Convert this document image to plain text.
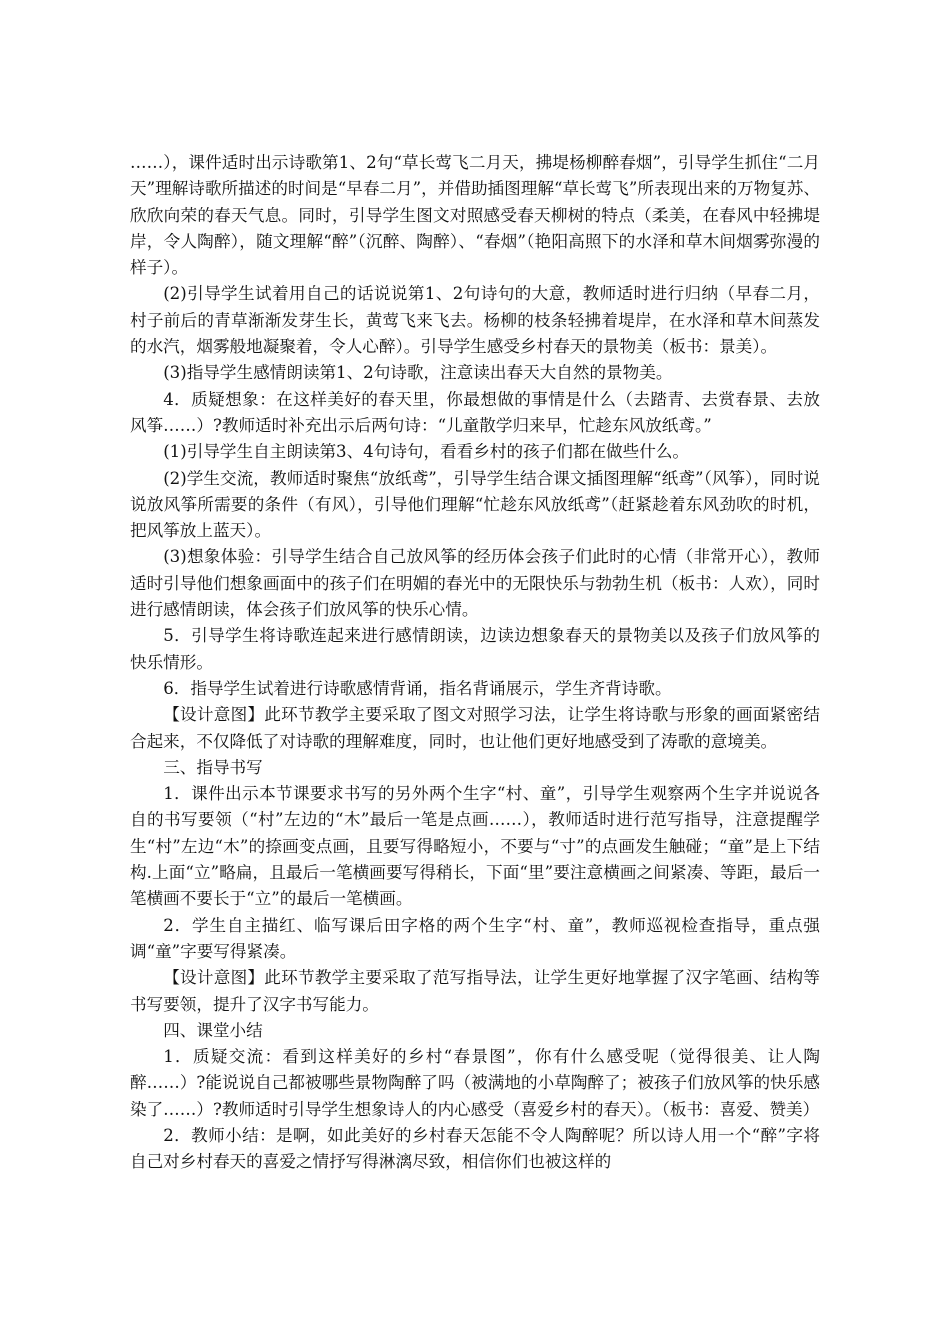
……），课件适时出示诗歌第1、2句“草长莺飞二月天，拂堤杨柳醉春烟”，引导学生抓住“二月天”理解诗歌所描述的时间是“早春二月”，并借助插图理解“草长莺飞”所表现出来的万物复苏、欣欣向荣的春天气息。同时，引导学生图文对照感受春天柳树的特点（柔美，在春风中轻拂堤岸，令人陶醉），随文理解“醉”（沉醉、陶醉）、“春烟”（艳阳高照下的水泽和草木间烟雾弥漫的样子）。

(2)引导学生试着用自己的话说说第1、2句诗句的大意，教师适时进行归纳（早春二月，村子前后的青草渐渐发芽生长，黄莺飞来飞去。杨柳的枝条轻拂着堤岸，在水泽和草木间蒸发的水汽，烟雾般地凝聚着，令人心醉）。引导学生感受乡村春天的景物美（板书：景美）。

(3)指导学生感情朗读第1、2句诗歌，注意读出春天大自然的景物美。

4．质疑想象：在这样美好的春天里，你最想做的事情是什么（去踏青、去赏春景、去放风筝……）?教师适时补充出示后两句诗：“儿童散学归来早，忙趁东风放纸鸢。”

(1)引导学生自主朗读第3、4句诗句，看看乡村的孩子们都在做些什么。

(2)学生交流，教师适时聚焦“放纸鸢”，引导学生结合课文插图理解“纸鸢”（风筝），同时说说放风筝所需要的条件（有风），引导他们理解“忙趁东风放纸鸢”（赶紧趁着东风劲吹的时机，把风筝放上蓝天）。

(3)想象体验：引导学生结合自己放风筝的经历体会孩子们此时的心情（非常开心），教师适时引导他们想象画面中的孩子们在明媚的春光中的无限快乐与勃勃生机（板书：人欢），同时进行感情朗读，体会孩子们放风筝的快乐心情。

5．引导学生将诗歌连起来进行感情朗读，边读边想象春天的景物美以及孩子们放风筝的快乐情形。

6．指导学生试着进行诗歌感情背诵，指名背诵展示，学生齐背诗歌。

【设计意图】此环节教学主要采取了图文对照学习法，让学生将诗歌与形象的画面紧密结合起来，不仅降低了对诗歌的理解难度，同时，也让他们更好地感受到了涛歌的意境美。

三、指导书写

1．课件出示本节课要求书写的另外两个生字“村、童”，引导学生观察两个生字并说说各自的书写要领（“村”左边的“木”最后一笔是点画……），教师适时进行范写指导，注意提醒学生“村”左边“木”的捺画变点画，且要写得略短小，不要与“寸”的点画发生触碰；“童”是上下结构.上面“立”略扁，且最后一笔横画要写得稍长，下面“里”要注意横画之间紧凑、等距，最后一笔横画不要长于“立”的最后一笔横画。

2．学生自主描红、临写课后田字格的两个生字“村、童”，教师巡视检查指导，重点强调“童”字要写得紧凑。

【设计意图】此环节教学主要采取了范写指导法，让学生更好地掌握了汉字笔画、结构等书写要领，提升了汉字书写能力。

四、课堂小结

1．质疑交流：看到这样美好的乡村“春景图”，你有什么感受呢（觉得很美、让人陶醉……）?能说说自己都被哪些景物陶醉了吗（被满地的小草陶醉了；被孩子们放风筝的快乐感染了……）?教师适时引导学生想象诗人的内心感受（喜爱乡村的春天）。（板书：喜爱、赞美）

2．教师小结：是啊，如此美好的乡村春天怎能不令人陶醉呢？所以诗人用一个“醉”字将自己对乡村春天的喜爱之情抒写得淋漓尽致，相信你们也被这样的
